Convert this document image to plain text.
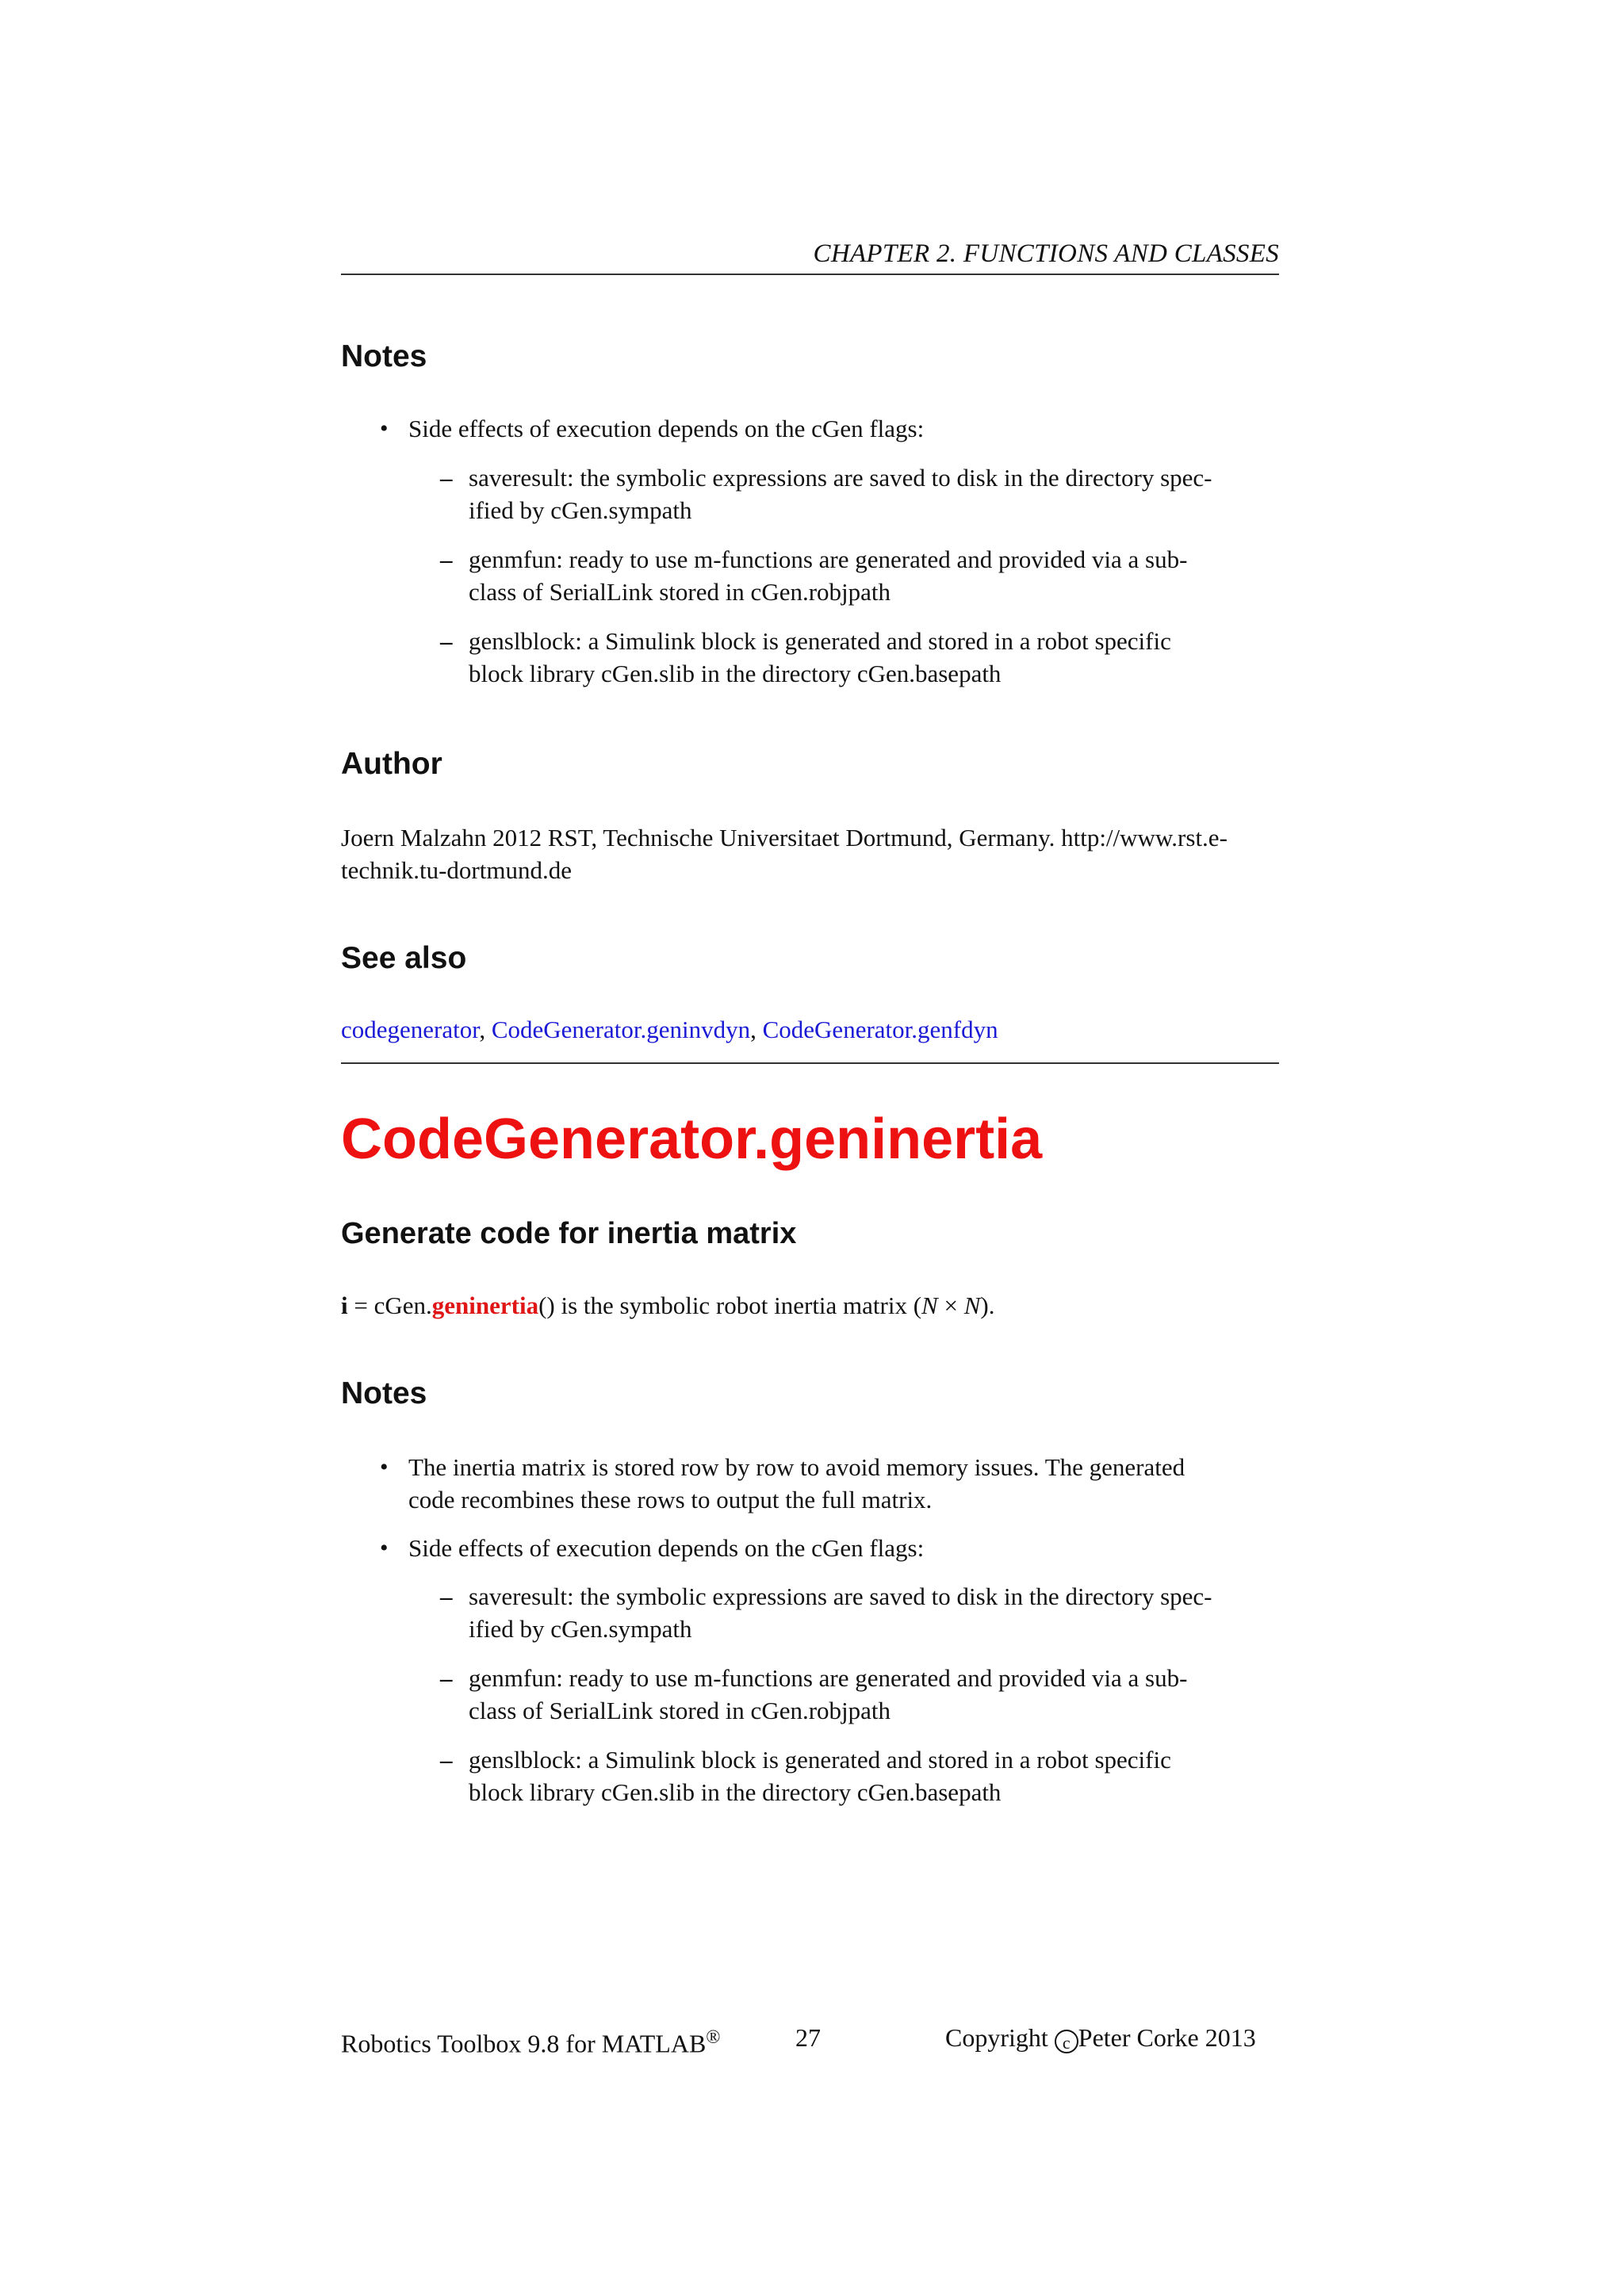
CHAPTER 2. FUNCTIONS AND CLASSES
Notes
• Side effects of execution depends on the cGen flags:
– saveresult: the symbolic expressions are saved to disk in the directory spec-
ified by cGen.sympath
– genmfun: ready to use m-functions are generated and provided via a sub-
class of SerialLink stored in cGen.robjpath
– genslblock: a Simulink block is generated and stored in a robot specific
block library cGen.slib in the directory cGen.basepath
Author
Joern Malzahn 2012 RST, Technische Universitaet Dortmund, Germany. http://www.rst.e-
technik.tu-dortmund.de
See also
codegenerator, CodeGenerator.geninvdyn, CodeGenerator.genfdyn
CodeGenerator.geninertia
Generate code for inertia matrix
i = cGen.geninertia() is the symbolic robot inertia matrix (N × N).
Notes
• The inertia matrix is stored row by row to avoid memory issues. The generated
code recombines these rows to output the full matrix.
• Side effects of execution depends on the cGen flags:
– saveresult: the symbolic expressions are saved to disk in the directory spec-
ified by cGen.sympath
– genmfun: ready to use m-functions are generated and provided via a sub-
class of SerialLink stored in cGen.robjpath
– genslblock: a Simulink block is generated and stored in a robot specific
block library cGen.slib in the directory cGen.basepath
Robotics Toolbox 9.8 for MATLAB®	27	Copyright c Peter Corke 2013
